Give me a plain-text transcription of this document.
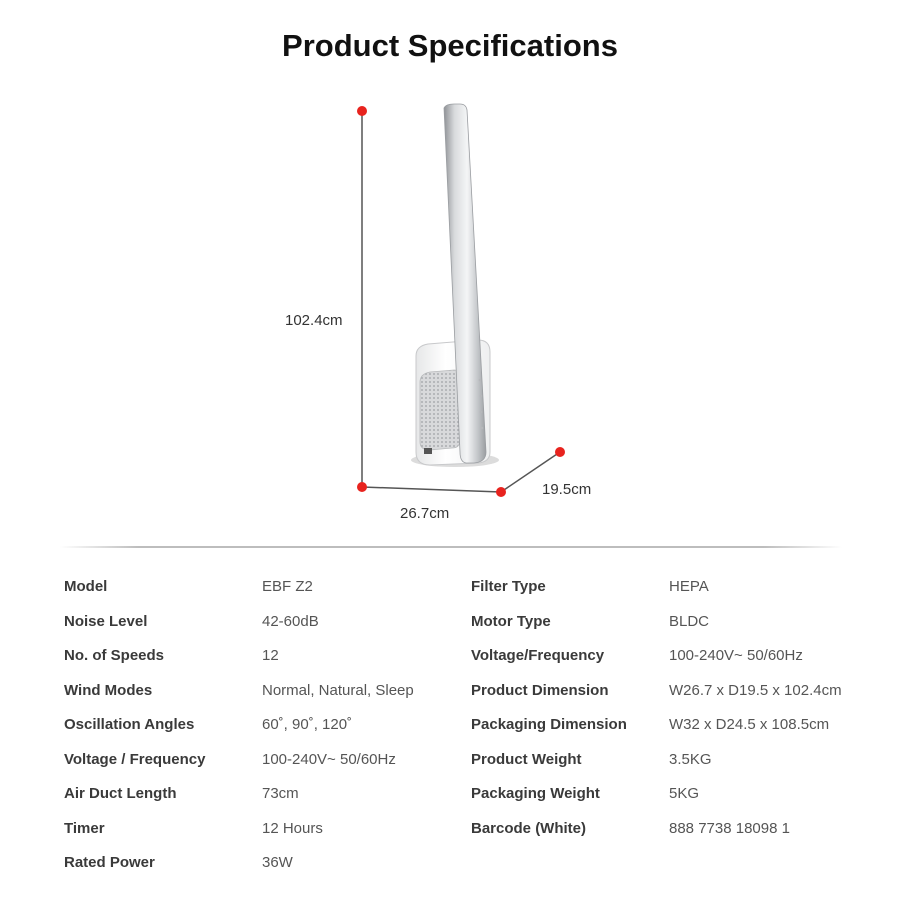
Product Specifications
102.4cm
26.7cm
19.5cm
Model	EBF Z2
Noise Level	42-60dB
No. of Speeds	12
Wind Modes	Normal, Natural, Sleep
Oscillation Angles	60˚, 90˚, 120˚
Voltage / Frequency	100-240V~ 50/60Hz
Air Duct Length	73cm
Timer	12 Hours
Rated Power	36W
Filter Type	HEPA
Motor Type	BLDC
Voltage/Frequency	100-240V~ 50/60Hz
Product Dimension	W26.7 x D19.5 x 102.4cm
Packaging Dimension	W32 x D24.5 x 108.5cm
Product Weight	3.5KG
Packaging Weight	5KG
Barcode (White)	888 7738 18098 1
